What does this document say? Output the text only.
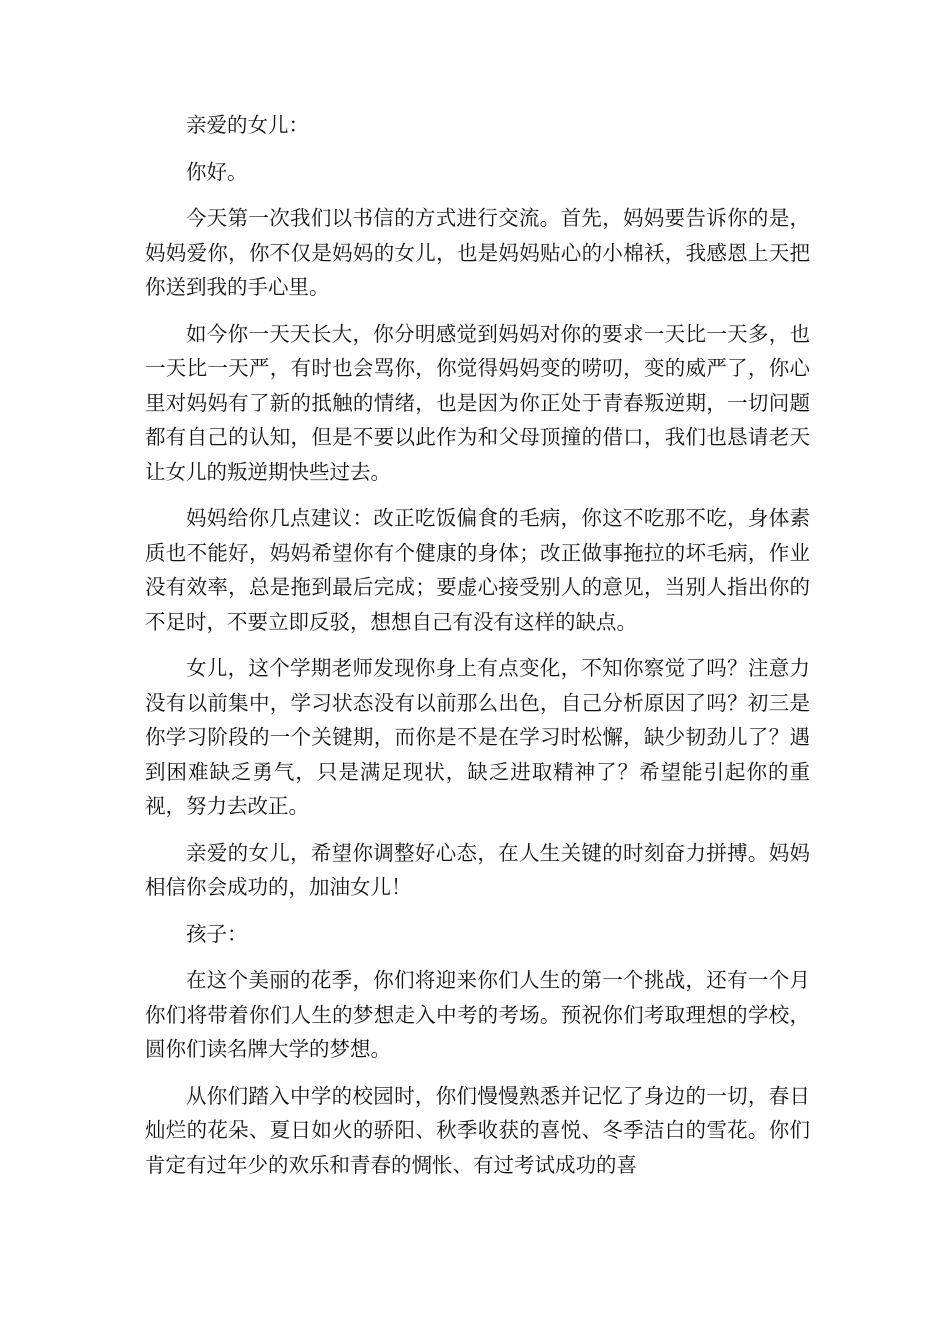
亲爱的女儿：

你好。

今天第一次我们以书信的方式进行交流。首先，妈妈要告诉你的是，妈妈爱你，你不仅是妈妈的女儿，也是妈妈贴心的小棉袄，我感恩上天把你送到我的手心里。

如今你一天天长大，你分明感觉到妈妈对你的要求一天比一天多，也一天比一天严，有时也会骂你，你觉得妈妈变的唠叨，变的威严了，你心里对妈妈有了新的抵触的情绪，也是因为你正处于青春叛逆期，一切问题都有自己的认知，但是不要以此作为和父母顶撞的借口，我们也恳请老天让女儿的叛逆期快些过去。

妈妈给你几点建议：改正吃饭偏食的毛病，你这不吃那不吃，身体素质也不能好，妈妈希望你有个健康的身体；改正做事拖拉的坏毛病，作业没有效率，总是拖到最后完成；要虚心接受别人的意见，当别人指出你的不足时，不要立即反驳，想想自己有没有这样的缺点。

女儿，这个学期老师发现你身上有点变化，不知你察觉了吗？注意力没有以前集中，学习状态没有以前那么出色，自己分析原因了吗？初三是你学习阶段的一个关键期，而你是不是在学习时松懈，缺少韧劲儿了？遇到困难缺乏勇气，只是满足现状，缺乏进取精神了？希望能引起你的重视，努力去改正。

亲爱的女儿，希望你调整好心态，在人生关键的时刻奋力拼搏。妈妈相信你会成功的，加油女儿！

孩子：

在这个美丽的花季，你们将迎来你们人生的第一个挑战，还有一个月你们将带着你们人生的梦想走入中考的考场。预祝你们考取理想的学校，圆你们读名牌大学的梦想。

从你们踏入中学的校园时，你们慢慢熟悉并记忆了身边的一切，春日灿烂的花朵、夏日如火的骄阳、秋季收获的喜悦、冬季洁白的雪花。你们肯定有过年少的欢乐和青春的惆怅、有过考试成功的喜
